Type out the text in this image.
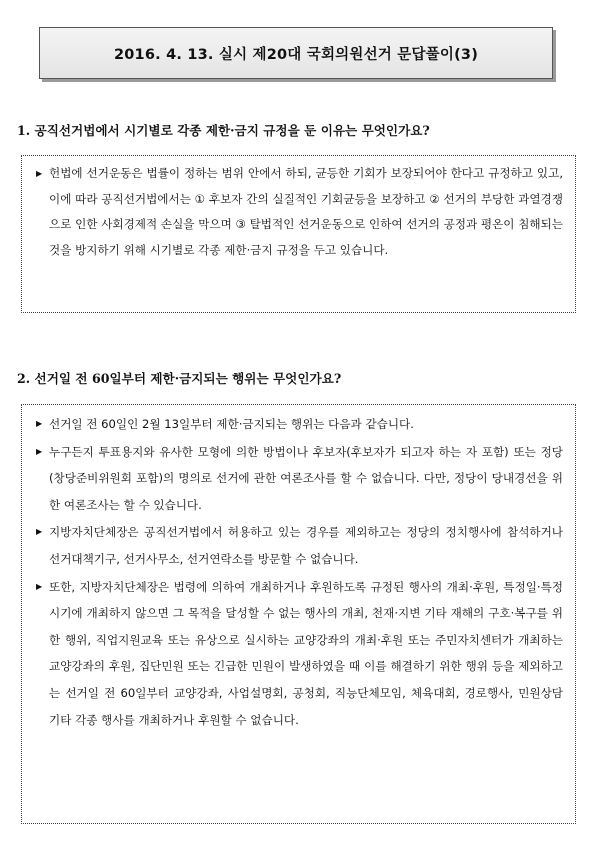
2016. 4. 13. 실시 제20대 국회의원선거 문답풀이(3)
1. 공직선거법에서 시기별로 각종 제한·금지 규정을 둔 이유는 무엇인가요?
▶ 헌법에 선거운동은 법률이 정하는 범위 안에서 하되, 균등한 기회가 보장되어야 한다고 규정하고 있고, 이에 따라 공직선거법에서는 ① 후보자 간의 실질적인 기회균등을 보장하고 ② 선거의 부당한 과열경쟁으로 인한 사회경제적 손실을 막으며 ③ 탈법적인 선거운동으로 인하여 선거의 공정과 평온이 침해되는 것을 방지하기 위해 시기별로 각종 제한·금지 규정을 두고 있습니다.
2. 선거일 전 60일부터 제한·금지되는 행위는 무엇인가요?
▶ 선거일 전 60일인 2월 13일부터 제한·금지되는 행위는 다음과 같습니다.
▶ 누구든지 투표용지와 유사한 모형에 의한 방법이나 후보자(후보자가 되고자 하는 자 포함) 또는 정당(창당준비위원회 포함)의 명의로 선거에 관한 여론조사를 할 수 없습니다. 다만, 정당이 당내경선을 위한 여론조사는 할 수 있습니다.
▶ 지방자치단체장은 공직선거법에서 허용하고 있는 경우를 제외하고는 정당의 정치행사에 참석하거나 선거대책기구, 선거사무소, 선거연락소를 방문할 수 없습니다.
▶ 또한, 지방자치단체장은 법령에 의하여 개최하거나 후원하도록 규정된 행사의 개최·후원, 특정일·특정시기에 개최하지 않으면 그 목적을 달성할 수 없는 행사의 개최, 천재·지변 기타 재해의 구호·복구를 위한 행위, 직업지원교육 또는 유상으로 실시하는 교양강좌의 개최·후원 또는 주민자치센터가 개최하는 교양강좌의 후원, 집단민원 또는 긴급한 민원이 발생하였을 때 이를 해결하기 위한 행위 등을 제외하고는 선거일 전 60일부터 교양강좌, 사업설명회, 공청회, 직능단체모임, 체육대회, 경로행사, 민원상담 기타 각종 행사를 개최하거나 후원할 수 없습니다.
